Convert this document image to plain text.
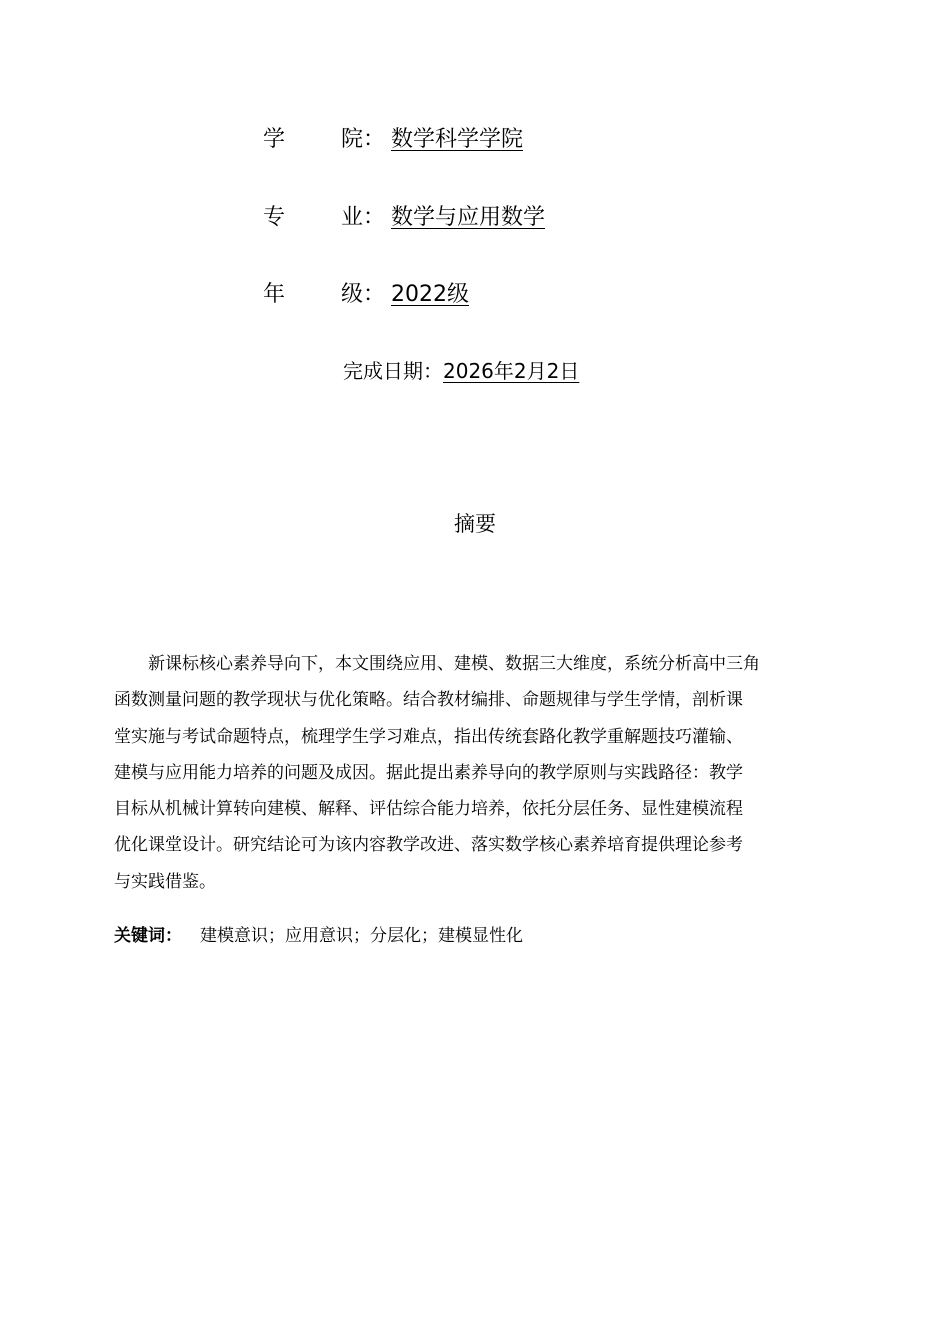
学	院： 数学科学学院
专	业： 数学与应用数学
年	级： 2022级
完成日期：2026年2月2日
摘要
新课标核心素养导向下，本文围绕应用、建模、数据三大维度，系统分析高中三角
函数测量问题的教学现状与优化策略。结合教材编排、命题规律与学生学情，剖析课
堂实施与考试命题特点，梳理学生学习难点，指出传统套路化教学重解题技巧灌输、
建模与应用能力培养的问题及成因。据此提出素养导向的教学原则与实践路径：教学
目标从机械计算转向建模、解释、评估综合能力培养，依托分层任务、显性建模流程
优化课堂设计。研究结论可为该内容教学改进、落实数学核心素养培育提供理论参考
与实践借鉴。
关键词： 建模意识；应用意识；分层化；建模显性化
